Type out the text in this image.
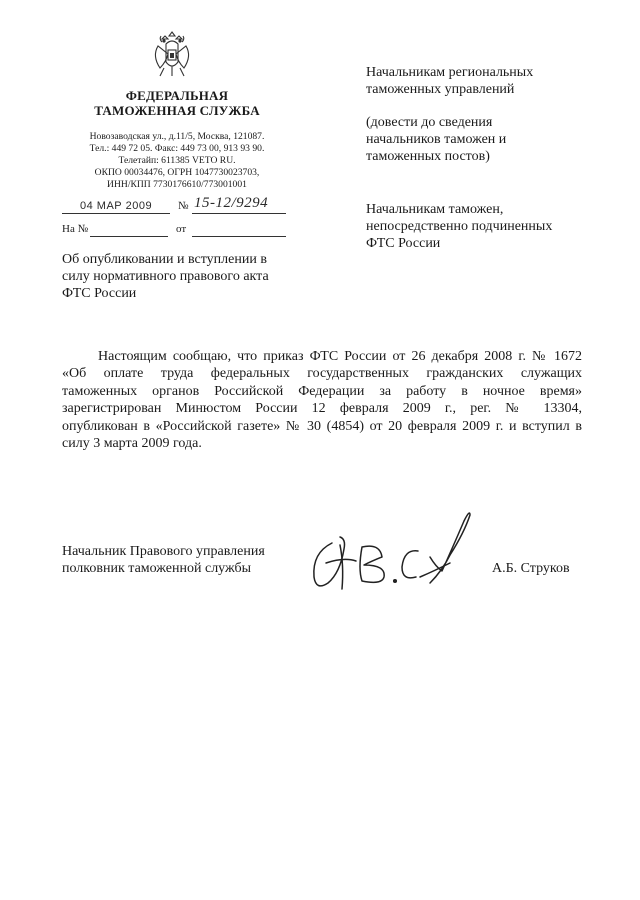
ФЕДЕРАЛЬНАЯ
ТАМОЖЕННАЯ СЛУЖБА
Новозаводская ул., д.11/5, Москва, 121087.
Тел.: 449 72 05. Факс: 449 73 00, 913 93 90.
Телетайп: 611385 VETO RU.
ОКПО 00034476, ОГРН 1047730023703,
ИНН/КПП 7730176610/773001001
04 МАР 2009	№ 15-12/9294
На №	от
Об опубликовании и вступлении в
силу нормативного правового акта
ФТС России
Начальникам региональных
таможенных управлений
(довести до сведения
начальников таможен и
таможенных постов)
Начальникам таможен,
непосредственно подчиненных
ФТС России
Настоящим сообщаю, что приказ ФТС России от 26 декабря 2008 г. № 1672
«Об оплате труда федеральных государственных гражданских служащих
таможенных органов Российской Федерации за работу в ночное время»
зарегистрирован Минюстом России 12 февраля 2009 г., рег. № 13304,
опубликован в «Российской газете» № 30 (4854) от 20 февраля 2009 г. и вступил в
силу 3 марта 2009 года.
Начальник Правового управления
полковник таможенной службы	А.Б. Струков
